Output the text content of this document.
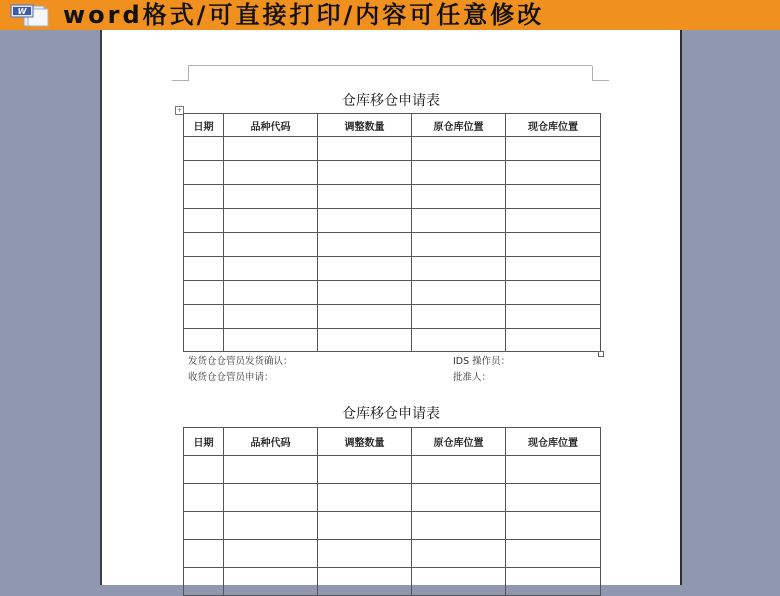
W word格式/可直接打印/内容可任意修改
仓库移仓申请表
+
日期	品种代码	调整数量	原仓库位置	现仓库位置

发货仓仓管员发货确认：
收货仓仓管员申请：
IDS 操作员：
批准人：
仓库移仓申请表
日期	品种代码	调整数量	原仓库位置	现仓库位置
